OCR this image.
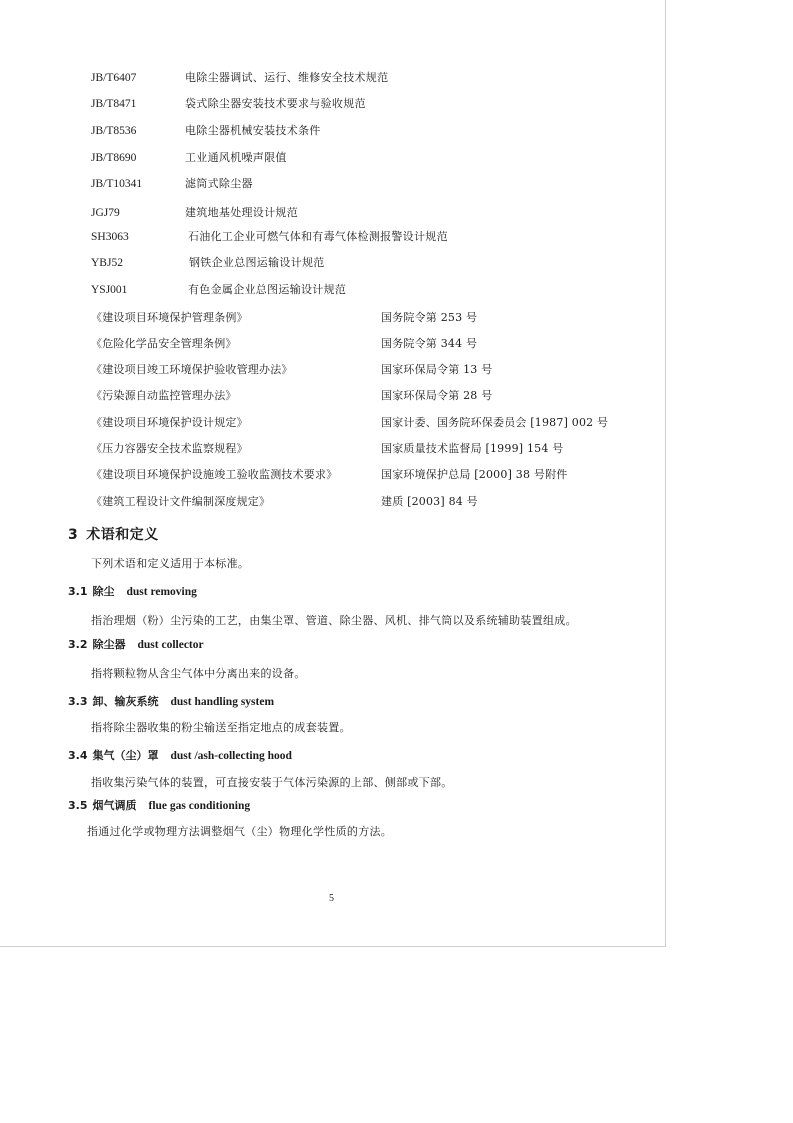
JB/T6407	电除尘器调试、运行、维修安全技术规范
JB/T8471	袋式除尘器安装技术要求与验收规范
JB/T8536	电除尘器机械安装技术条件
JB/T8690	工业通风机噪声限值
JB/T10341	滤筒式除尘器
JGJ79	建筑地基处理设计规范
SH3063	石油化工企业可燃气体和有毒气体检测报警设计规范
YBJ52	钢铁企业总图运输设计规范
YSJ001	有色金属企业总图运输设计规范
《建设项目环境保护管理条例》	国务院令第 253 号
《危险化学品安全管理条例》	国务院令第 344 号
《建设项目竣工环境保护验收管理办法》	国家环保局令第 13 号
《污染源自动监控管理办法》	国家环保局令第 28 号
《建设项目环境保护设计规定》	国家计委、国务院环保委员会 [1987] 002 号
《压力容器安全技术监察规程》	国家质量技术监督局 [1999] 154 号
《建设项目环境保护设施竣工验收监测技术要求》	国家环境保护总局 [2000] 38 号附件
《建筑工程设计文件编制深度规定》	建质 [2003] 84 号
3 术语和定义
下列术语和定义适用于本标准。
3.1 除尘 dust removing
指治理烟（粉）尘污染的工艺，由集尘罩、管道、除尘器、风机、排气筒以及系统辅助装置组成。
3.2 除尘器 dust collector
指将颗粒物从含尘气体中分离出来的设备。
3.3 卸、输灰系统 dust handling system
指将除尘器收集的粉尘输送至指定地点的成套装置。
3.4 集气（尘）罩 dust /ash-collecting hood
指收集污染气体的装置，可直接安装于气体污染源的上部、侧部或下部。
3.5 烟气调质 flue gas conditioning
指通过化学或物理方法调整烟气（尘）物理化学性质的方法。
5
